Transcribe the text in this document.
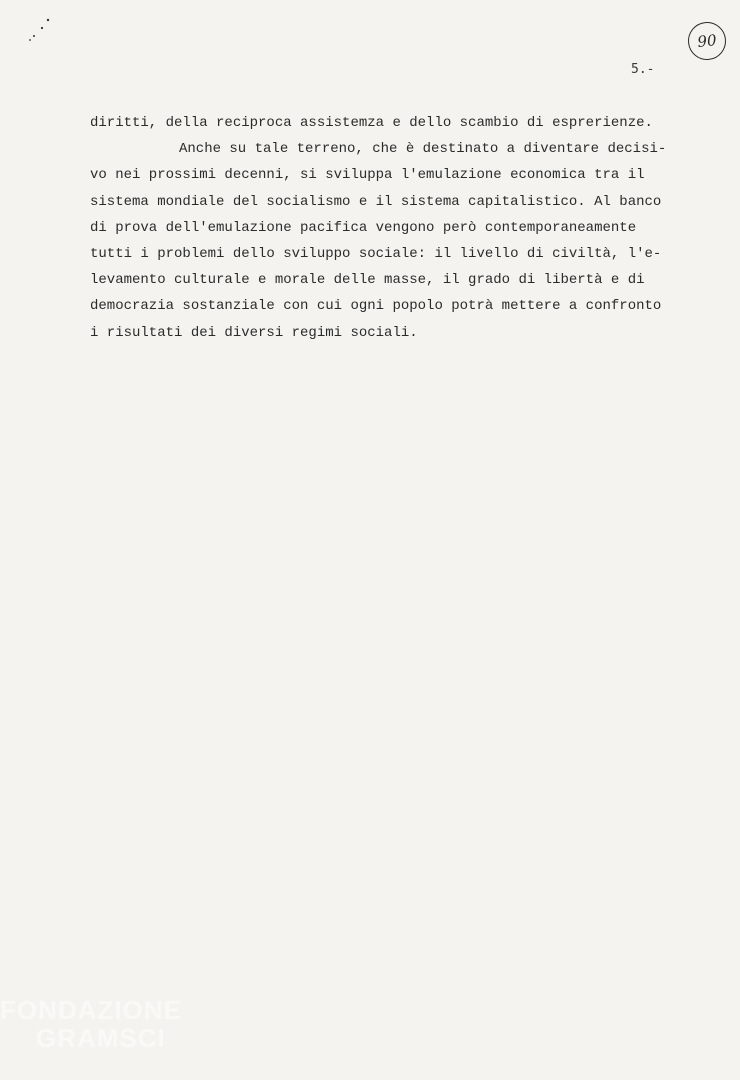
90
5.-
diritti, della reciproca assistemza e dello scambio di esprerienze.
Anche su tale terreno, che è destinato a diventare decisi-
vo nei prossimi decenni, si sviluppa l'emulazione economica tra il
sistema mondiale del socialismo e il sistema capitalistico. Al banco
di prova dell'emulazione pacifica vengono però contemporaneamente
tutti i problemi dello sviluppo sociale: il livello di civiltà, l'e-
levamento culturale e morale delle masse, il grado di libertà e di
democrazia sostanziale con cui ogni popolo potrà mettere a confronto
i risultati dei diversi regimi sociali.
FONDAZIONE
GRAMSCI
